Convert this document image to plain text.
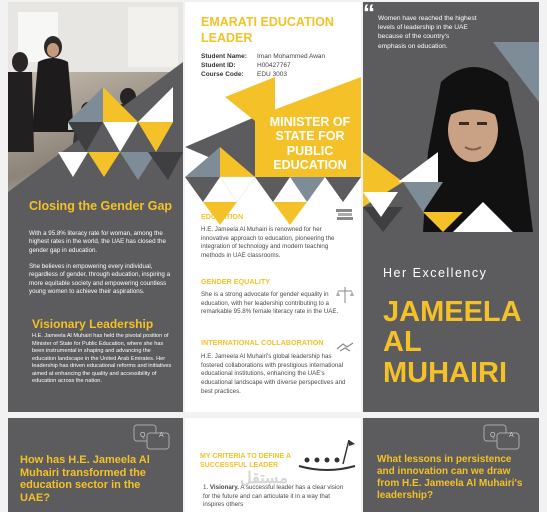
Closing the Gender Gap
With a 95.8% literacy rate for woman, among the highest rates in the world, the UAE has closed the gender gap in education.
She believes in empowering every individual, regardless of gender, through education, inspiring a more equitable society and empowering countless young women to achieve their aspirations.
Visionary Leadership
H.E. Jameela Al Muhairi has held the pivotal position of Minister of State for Public Education, where she has been instrumental in shaping and advancing the education landscape in the United Arab Emirates. Her leadership has driven educational reforms and initiatives aimed at enhancing the quality and accessibility of education across the nation.
EMARATI EDUCATION LEADER
Student Name: Iman Mohammed Awan
Student ID:	H00427767
Course Code: EDU 3003
MINISTER OF STATE FOR PUBLIC EDUCATION
EDUCATION
H.E. Jameela Al Muhairi is renowned for her innovative approach to education, pioneering the integration of technology and modern teaching methods in UAE classrooms.
GENDER EQUALITY
She is a strong advocate for gender equality in education, with her leadership contributing to a remarkable 95.8% female literacy rate in the UAE.
INTERNATIONAL COLLABORATION
H.E. Jameela Al Muhairi's global leadership has fostered collaborations with prestigious international educational institutions, enhancing the UAE's educational landscape with diverse perspectives and best practices.
“ Women have reached the highest levels of leadership in the UAE because of the country's emphasis on education.
Her Excellency
JAMEELA
AL
MUHAIRI
Q A
How has H.E. Jameela Al Muhairi transformed the education sector in the UAE?
MY CRITERIA TO DEFINE A SUCCESSFUL LEADER
1. Visionary. A successful leader has a clear vision for the future and can articulate it in a way that inspires others
مستقل
Q A
What lessons in persistence and innovation can we draw from H.E. Jameela Al Muhairi's leadership?
